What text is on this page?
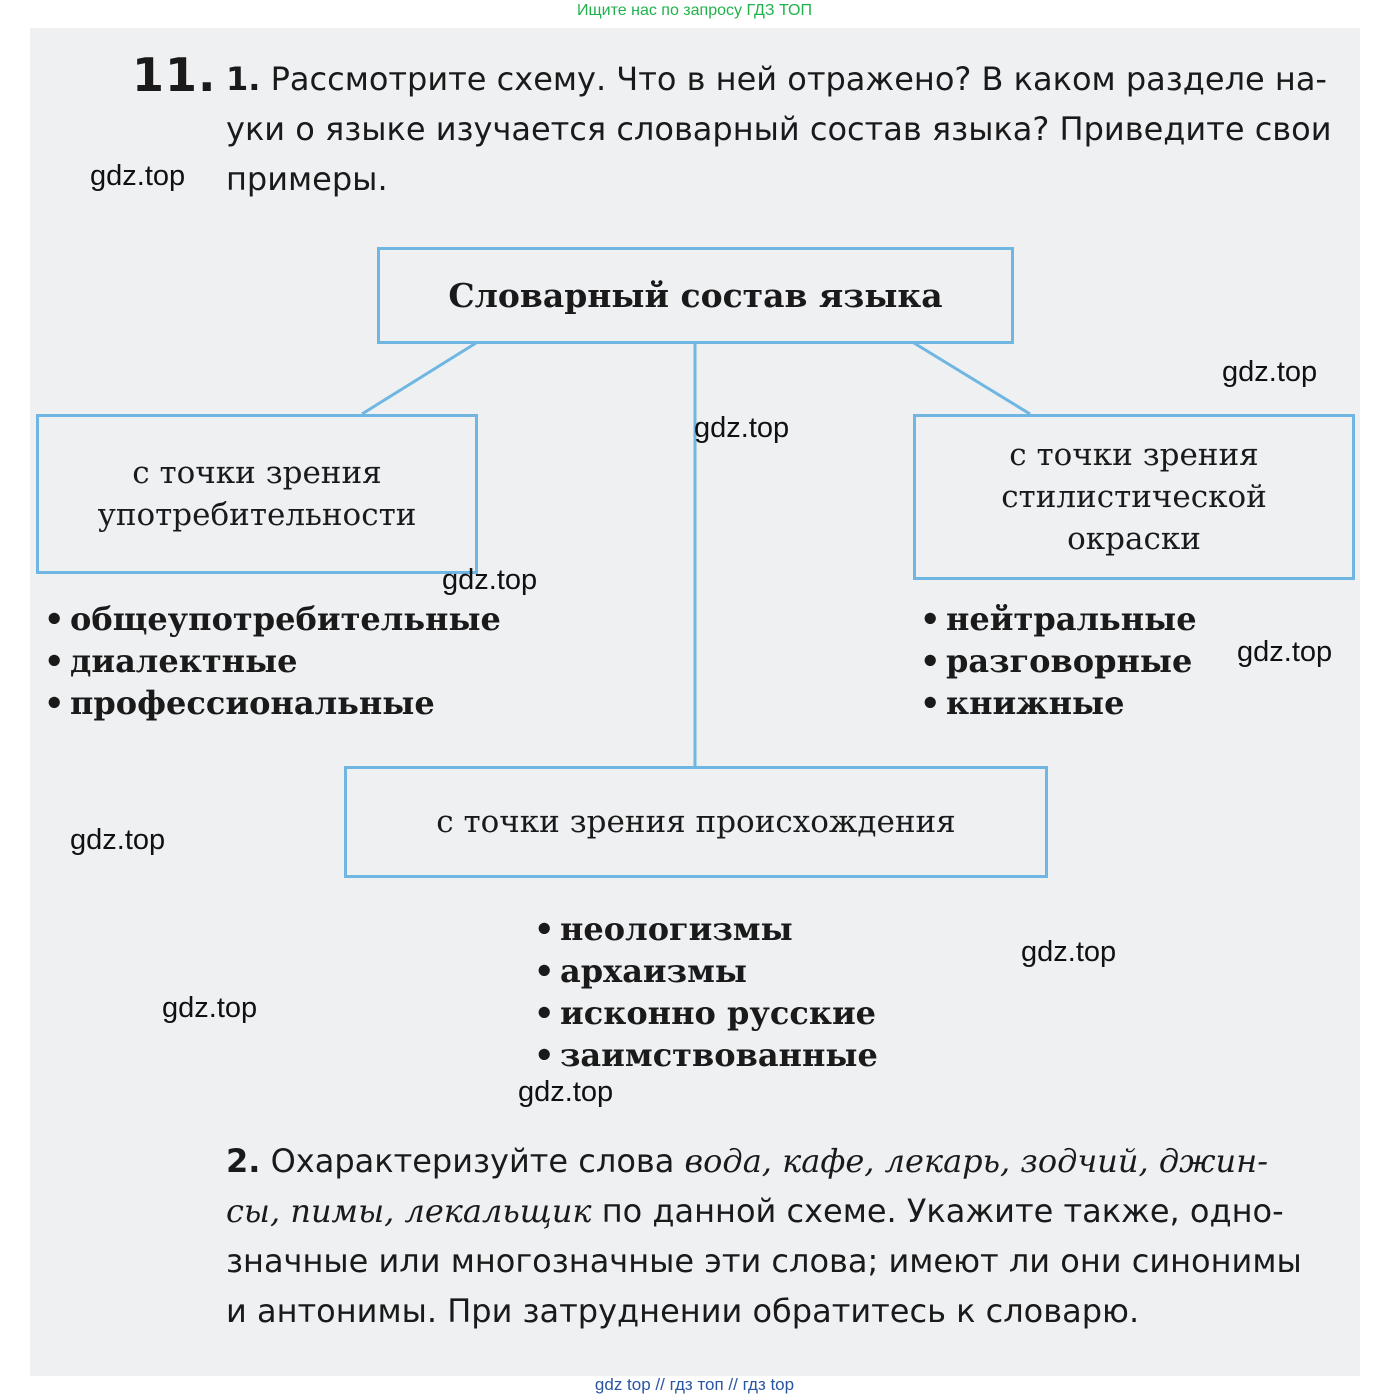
Ищите нас по запросу ГДЗ ТОП
11. 1. Рассмотрите схему. Что в ней отражено? В каком разделе на-
уки о языке изучается словарный состав языка? Приведите свои
примеры.
Словарный состав языка
с точки зрения
употребительности
с точки зрения
стилистической
окраски
• общеупотребительные
• диалектные
• профессиональные
• нейтральные
• разговорные
• книжные
с точки зрения происхождения
• неологизмы
• архаизмы
• исконно русские
• заимствованные
2. Охарактеризуйте слова вода, кафе, лекарь, зодчий, джин-
сы, пимы, лекальщик по данной схеме. Укажите также, одно-
значные или многозначные эти слова; имеют ли они синонимы
и антонимы. При затруднении обратитесь к словарю.
gdz.top
gdz.top
gdz.top
gdz.top
gdz.top
gdz.top
gdz.top
gdz.top
gdz.top
gdz top // гдз топ // гдз top
